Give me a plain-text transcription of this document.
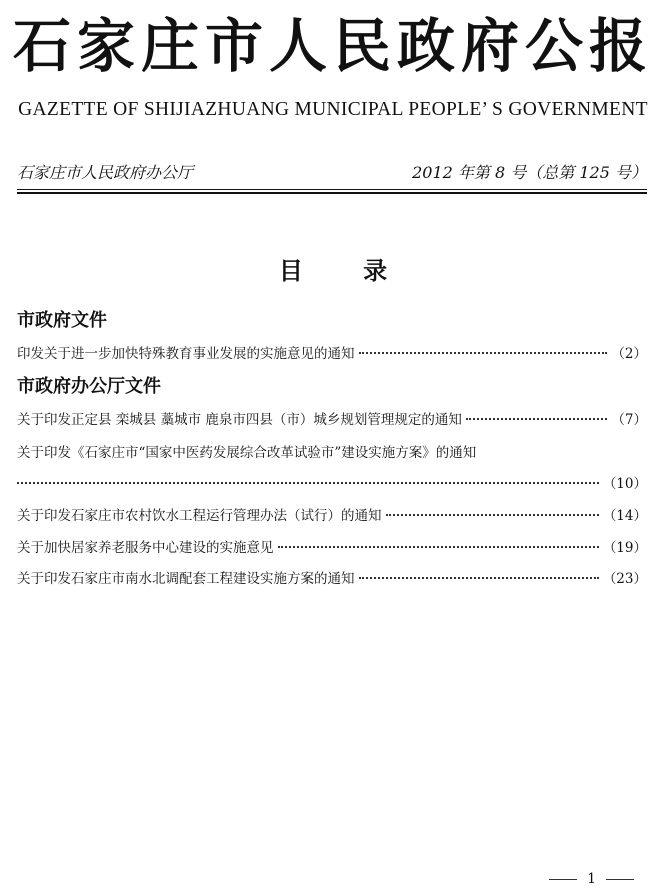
石家庄市人民政府公报
GAZETTE OF SHIJIAZHUANG MUNICIPAL PEOPLE’ S GOVERNMENT
石家庄市人民政府办公厅	2012 年第 8 号（总第 125 号）
目 录
市政府文件
印发关于进一步加快特殊教育事业发展的实施意见的通知	（2）
市政府办公厅文件
关于印发正定县 栾城县 藁城市 鹿泉市四县（市）城乡规划管理规定的通知	（7）
关于印发《石家庄市“国家中医药发展综合改革试验市”建设实施方案》的通知
（10）
关于印发石家庄市农村饮水工程运行管理办法（试行）的通知	（14）
关于加快居家养老服务中心建设的实施意见	（19）
关于印发石家庄市南水北调配套工程建设实施方案的通知	（23）
1
